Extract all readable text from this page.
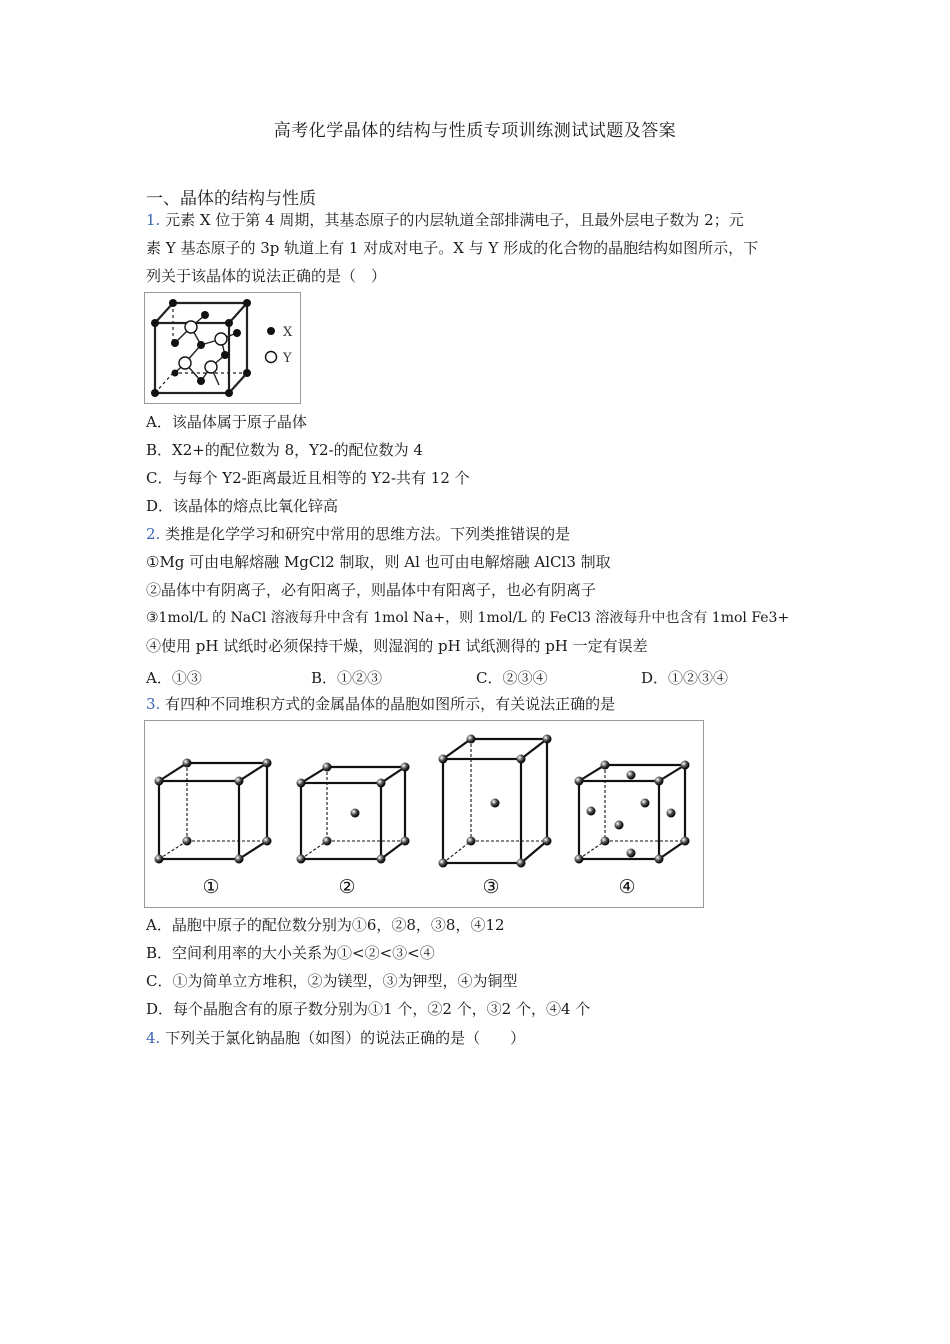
高考化学晶体的结构与性质专项训练测试试题及答案
一、晶体的结构与性质
1. 元素 X 位于第 4 周期，其基态原子的内层轨道全部排满电子，且最外层电子数为 2；元
素 Y 基态原子的 3p 轨道上有 1 对成对电子。X 与 Y 形成的化合物的晶胞结构如图所示，下
列关于该晶体的说法正确的是（　）
X
Y
A．该晶体属于原子晶体
B．X2+的配位数为 8，Y2-的配位数为 4
C．与每个 Y2-距离最近且相等的 Y2-共有 12 个
D．该晶体的熔点比氧化锌高
2. 类推是化学学习和研究中常用的思维方法。下列类推错误的是
①Mg 可由电解熔融 MgCl2 制取，则 Al 也可由电解熔融 AlCl3 制取
②晶体中有阴离子，必有阳离子，则晶体中有阳离子，也必有阴离子
③1mol/L 的 NaCl 溶液每升中含有 1mol Na+，则 1mol/L 的 FeCl3 溶液每升中也含有 1mol Fe3+
④使用 pH 试纸时必须保持干燥，则湿润的 pH 试纸测得的 pH 一定有误差
A．①③	B．①②③	C．②③④	D．①②③④
3. 有四种不同堆积方式的金属晶体的晶胞如图所示，有关说法正确的是
①	②	③	④
A．晶胞中原子的配位数分别为①6，②8，③8，④12
B．空间利用率的大小关系为①<②<③<④
C．①为简单立方堆积，②为镁型，③为钾型，④为铜型
D．每个晶胞含有的原子数分别为①1 个，②2 个，③2 个，④4 个
4. 下列关于氯化钠晶胞（如图）的说法正确的是（　　）
